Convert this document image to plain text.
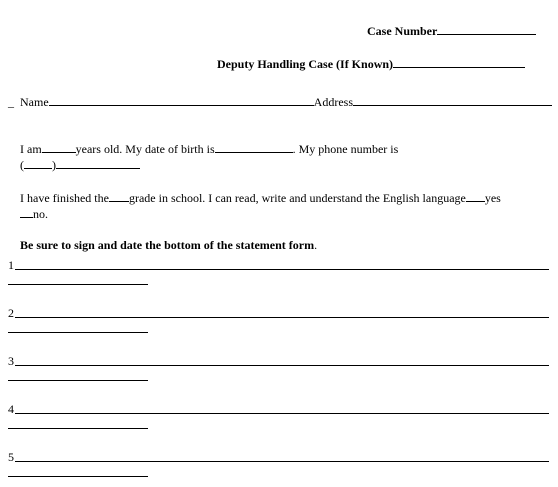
Case Number

Deputy Handling Case (If Known)

Name	Address

_

I am	years old. My date of birth is	. My phone number is

( )

I have finished the grade in school. I can read, write and understand the English language yes

no.

Be sure to sign and date the bottom of the statement form.

1
2
3
4
5
